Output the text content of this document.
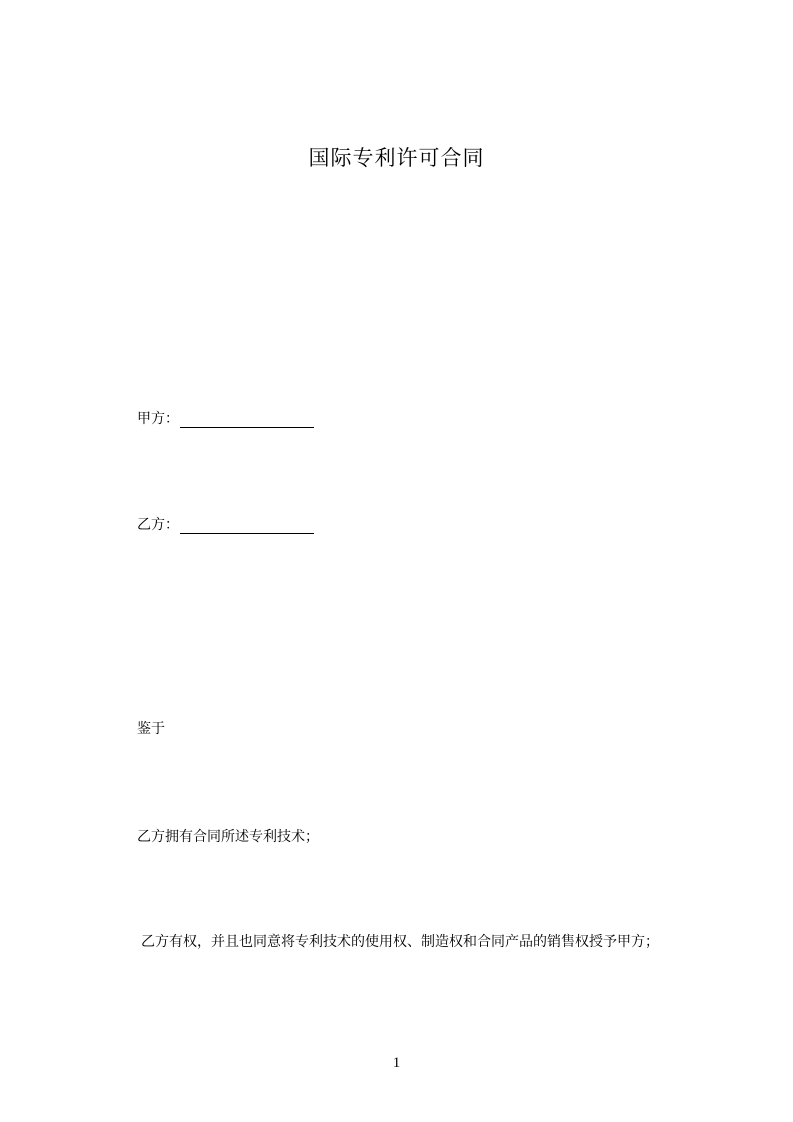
国际专利许可合同
甲方：
乙方：
鉴于
乙方拥有合同所述专利技术；
乙方有权，并且也同意将专利技术的使用权、制造权和合同产品的销售权授予甲方；
1
